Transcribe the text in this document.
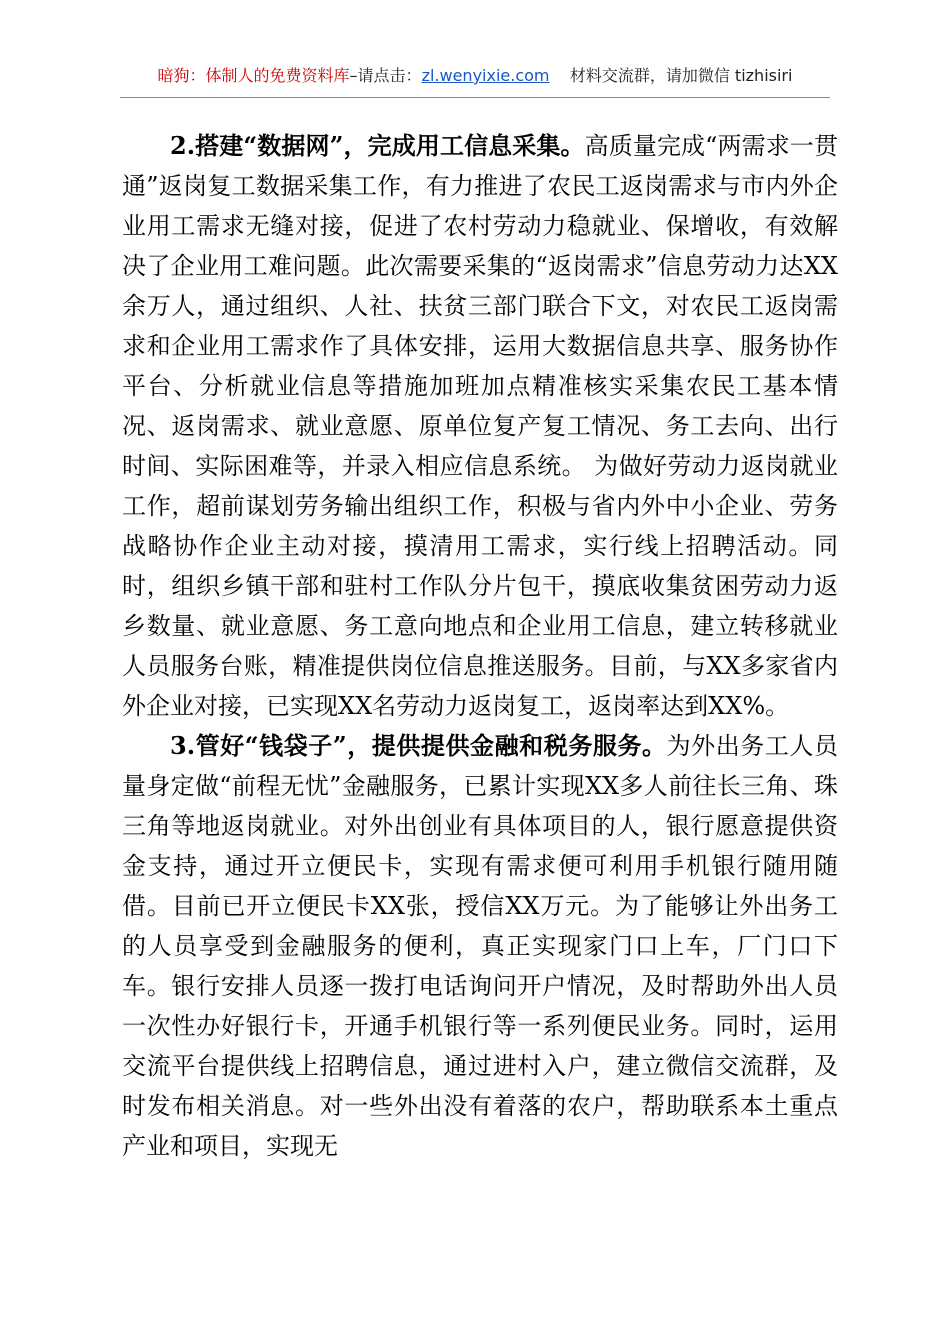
暗狗：体制人的免费资料库–请点击：zl.wenyixie.com 材料交流群，请加微信 tizhisiri

2.搭建“数据网”，完成用工信息采集。高质量完成“两需求一贯通”返岗复工数据采集工作，有力推进了农民工返岗需求与市内外企业用工需求无缝对接，促进了农村劳动力稳就业、保增收，有效解决了企业用工难问题。此次需要采集的“返岗需求”信息劳动力达XX余万人，通过组织、人社、扶贫三部门联合下文，对农民工返岗需求和企业用工需求作了具体安排，运用大数据信息共享、服务协作平台、分析就业信息等措施加班加点精准核实采集农民工基本情况、返岗需求、就业意愿、原单位复产复工情况、务工去向、出行时间、实际困难等，并录入相应信息系统。 为做好劳动力返岗就业工作，超前谋划劳务输出组织工作，积极与省内外中小企业、劳务战略协作企业主动对接，摸清用工需求，实行线上招聘活动。同时，组织乡镇干部和驻村工作队分片包干，摸底收集贫困劳动力返乡数量、就业意愿、务工意向地点和企业用工信息，建立转移就业人员服务台账，精准提供岗位信息推送服务。目前，与XX多家省内外企业对接，已实现XX名劳动力返岗复工，返岗率达到XX%。

3.管好“钱袋子”，提供提供金融和税务服务。为外出务工人员量身定做“前程无忧”金融服务，已累计实现XX多人前往长三角、珠三角等地返岗就业。对外出创业有具体项目的人，银行愿意提供资金支持，通过开立便民卡，实现有需求便可利用手机银行随用随借。目前已开立便民卡XX张，授信XX万元。为了能够让外出务工的人员享受到金融服务的便利，真正实现家门口上车，厂门口下车。银行安排人员逐一拨打电话询问开户情况，及时帮助外出人员一次性办好银行卡，开通手机银行等一系列便民业务。同时，运用交流平台提供线上招聘信息，通过进村入户，建立微信交流群，及时发布相关消息。对一些外出没有着落的农户，帮助联系本土重点产业和项目，实现无
